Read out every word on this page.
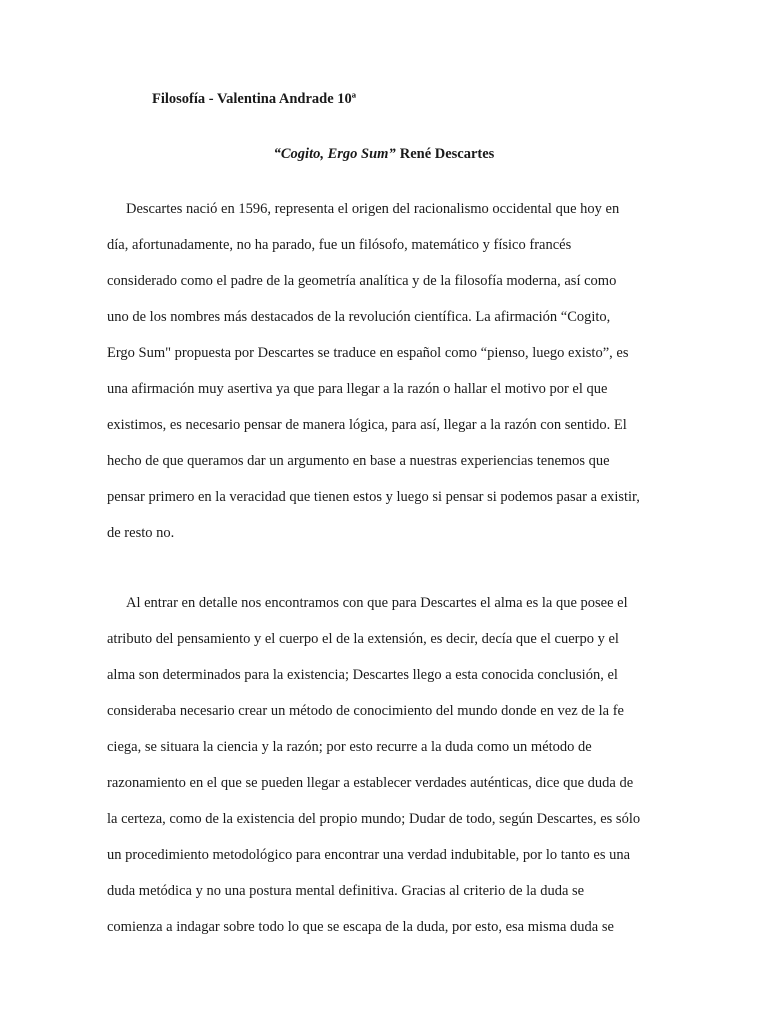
Filosofía - Valentina Andrade 10ª
“Cogito, Ergo Sum” René Descartes
Descartes nació en 1596, representa el origen del racionalismo occidental que hoy en
día, afortunadamente, no ha parado, fue un filósofo, matemático y físico francés
considerado como el padre de la geometría analítica y de la filosofía moderna, así como
uno de los nombres más destacados de la revolución científica. La afirmación “Cogito,
Ergo Sum" propuesta por Descartes se traduce en español como “pienso, luego existo”, es
una afirmación muy asertiva ya que para llegar a la razón o hallar el motivo por el que
existimos, es necesario pensar de manera lógica, para así, llegar a la razón con sentido. El
hecho de que queramos dar un argumento en base a nuestras experiencias tenemos que
pensar primero en la veracidad que tienen estos y luego si pensar si podemos pasar a existir,
de resto no.
Al entrar en detalle nos encontramos con que para Descartes el alma es la que posee el
atributo del pensamiento y el cuerpo el de la extensión, es decir, decía que el cuerpo y el
alma son determinados para la existencia; Descartes llego a esta conocida conclusión, el
consideraba necesario crear un método de conocimiento del mundo donde en vez de la fe
ciega, se situara la ciencia y la razón; por esto recurre a la duda como un método de
razonamiento en el que se pueden llegar a establecer verdades auténticas, dice que duda de
la certeza, como de la existencia del propio mundo; Dudar de todo, según Descartes, es sólo
un procedimiento metodológico para encontrar una verdad indubitable, por lo tanto es una
duda metódica y no una postura mental definitiva. Gracias al criterio de la duda se
comienza a indagar sobre todo lo que se escapa de la duda, por esto, esa misma duda se
